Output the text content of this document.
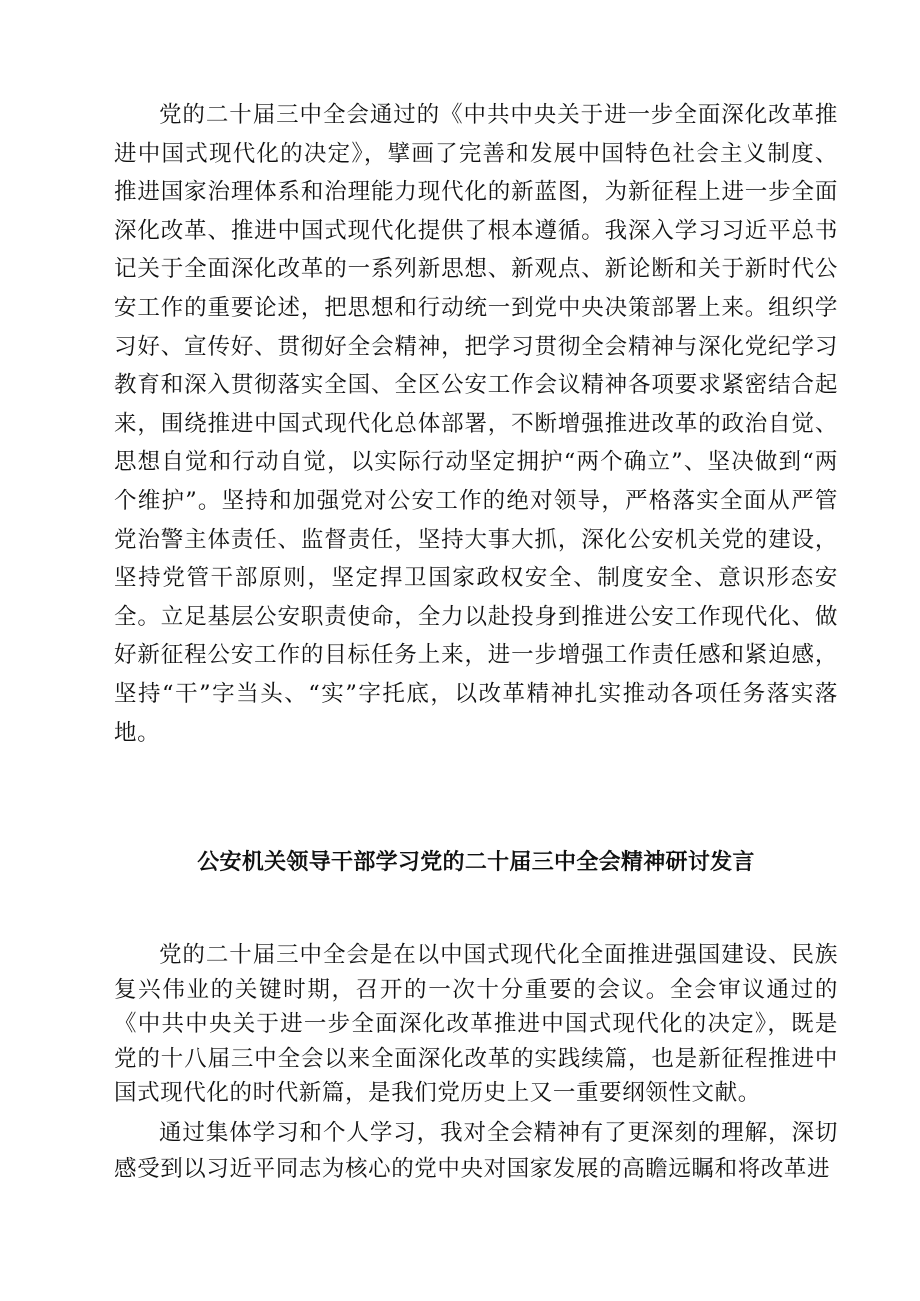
党的二十届三中全会通过的《中共中央关于进一步全面深化改革推进中国式现代化的决定》，擘画了完善和发展中国特色社会主义制度、推进国家治理体系和治理能力现代化的新蓝图，为新征程上进一步全面深化改革、推进中国式现代化提供了根本遵循。我深入学习习近平总书记关于全面深化改革的一系列新思想、新观点、新论断和关于新时代公安工作的重要论述，把思想和行动统一到党中央决策部署上来。组织学习好、宣传好、贯彻好全会精神，把学习贯彻全会精神与深化党纪学习教育和深入贯彻落实全国、全区公安工作会议精神各项要求紧密结合起来，围绕推进中国式现代化总体部署，不断增强推进改革的政治自觉、思想自觉和行动自觉，以实际行动坚定拥护“两个确立”、坚决做到“两个维护”。坚持和加强党对公安工作的绝对领导，严格落实全面从严管党治警主体责任、监督责任，坚持大事大抓，深化公安机关党的建设，坚持党管干部原则，坚定捍卫国家政权安全、制度安全、意识形态安全。立足基层公安职责使命，全力以赴投身到推进公安工作现代化、做好新征程公安工作的目标任务上来，进一步增强工作责任感和紧迫感，坚持“干”字当头、“实”字托底，以改革精神扎实推动各项任务落实落地。

公安机关领导干部学习党的二十届三中全会精神研讨发言

党的二十届三中全会是在以中国式现代化全面推进强国建设、民族复兴伟业的关键时期，召开的一次十分重要的会议。全会审议通过的《中共中央关于进一步全面深化改革推进中国式现代化的决定》，既是党的十八届三中全会以来全面深化改革的实践续篇，也是新征程推进中国式现代化的时代新篇，是我们党历史上又一重要纲领性文献。

通过集体学习和个人学习，我对全会精神有了更深刻的理解，深切感受到以习近平同志为核心的党中央对国家发展的高瞻远瞩和将改革进
